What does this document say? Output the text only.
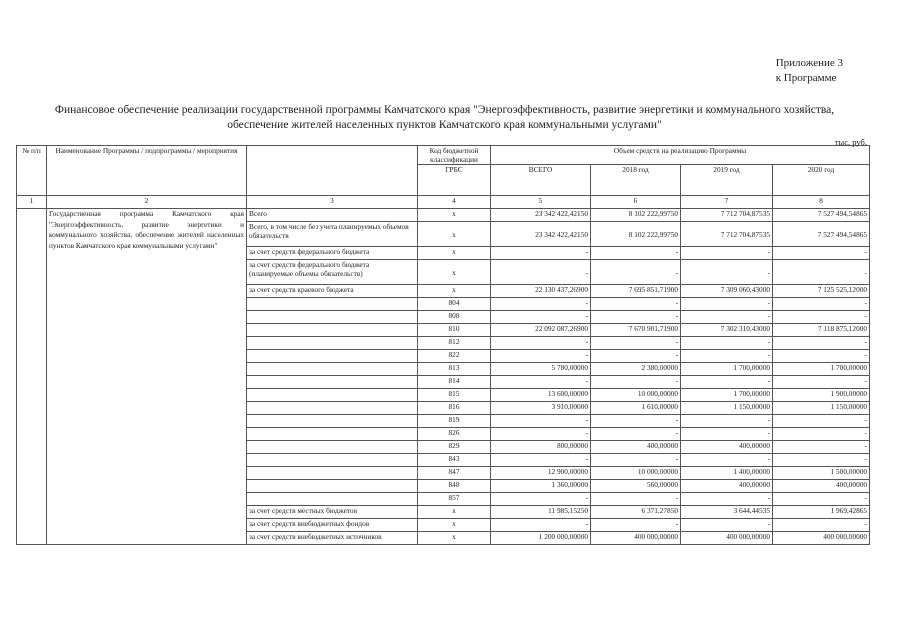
Приложение 3
к Программе
Финансовое обеспечение реализации государственной программы Камчатского края "Энергоэффективность, развитие энергетики и коммунального хозяйства,
обеспечение жителей населенных пунктов Камчатского края коммунальными услугами"
тыс. руб.
№ п/п	Наименование Программы / подпрограммы / мероприятия		Код бюджетной классификации	Объем средств на реализацию Программы			
			ГРБС	ВСЕГО	2018 год	2019 год	2020 год
1	2	3	4	5	6	7	8
	Государственная программа Камчатского края "Энергоэффективность, развитие энергетики и коммунального хозяйства, обеспечение жителей населенных пунктов Камчатского края коммунальными услугами"	Всего	х	23 342 422,42150	8 102 222,99750	7 712 704,87535	7 527 494,54865
		Всего, в том числе без учета планируемых объемов обязательств	х	23 342 422,42150	8 102 222,99750	7 712 704,87535	7 527 494,54865
		за счет средств федерального бюджета	х	-	-	-	-
		за счет средств федерального бюджета (планируемые объемы обязательств)	х	-	-	-	-
		за счет средств краевого бюджета	х	22 130 437,26900	7 695 851,71900	7 309 060,43000	7 125 525,12000
			804	-	-	-	-
			808	-	-	-	-
			810	22 092 087,26900	7 670 901,71900	7 302 310,43000	7 118 875,12000
			812	-	-	-	-
			822	-	-	-	-
			813	5 780,00000	2 380,00000	1 700,00000	1 700,00000
			814	-	-	-	-
			815	13 600,00000	10 000,00000	1 700,00000	1 900,00000
			816	3 910,00000	1 610,00000	1 150,00000	1 150,00000
			819	-	-	-	-
			826	-	-	-	-
			829	800,00000	400,00000	400,00000	-
			843	-	-	-	-
			847	12 900,00000	10 000,00000	1 400,00000	1 500,00000
			848	1 360,00000	560,00000	400,00000	400,00000
			857	-	-	-	-
		за счет средств местных бюджетов	х	11 985,15250	6 371,27850	3 644,44535	1 969,42865
		за счет средств внебюджетных фондов	х	-	-	-	-
		за счет средств внебюджетных источников	х	1 200 000,00000	400 000,00000	400 000,00000	400 000,00000
